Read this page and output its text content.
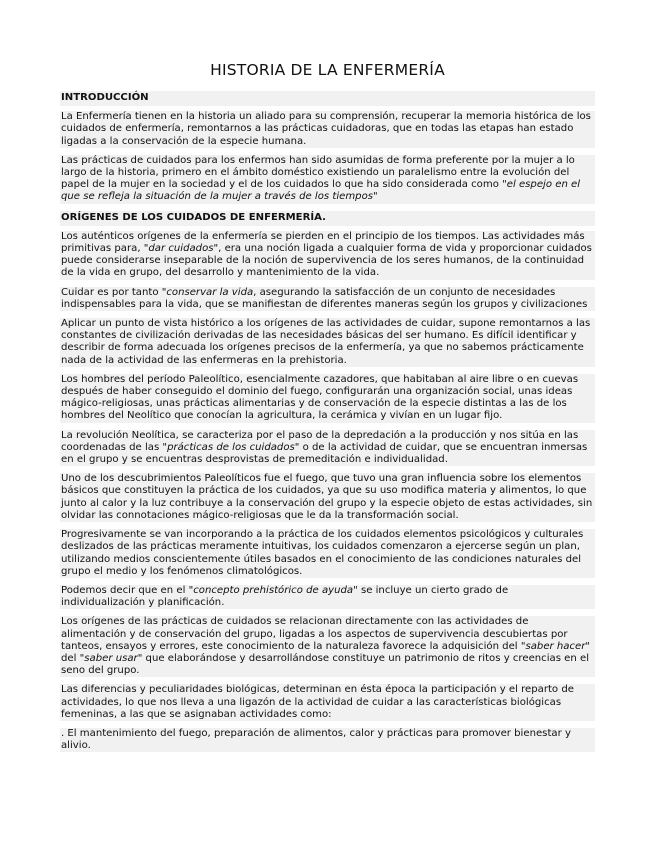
HISTORIA DE LA ENFERMERÍA
INTRODUCCIÓN

La Enfermería tienen en la historia un aliado para su comprensión, recuperar la memoria histórica de los cuidados de enfermería, remontarnos a las prácticas cuidadoras, que en todas las etapas han estado ligadas a la conservación de la especie humana.

Las prácticas de cuidados para los enfermos han sido asumidas de forma preferente por la mujer a lo largo de la historia, primero en el ámbito doméstico existiendo un paralelismo entre la evolución del papel de la mujer en la sociedad y el de los cuidados lo que ha sido considerada como "el espejo en el que se refleja la situación de la mujer a través de los tiempos"

ORÍGENES DE LOS CUIDADOS DE ENFERMERÍA.

Los auténticos orígenes de la enfermería se pierden en el principio de los tiempos. Las actividades más primitivas para, "dar cuidados", era una noción ligada a cualquier forma de vida y proporcionar cuidados puede considerarse inseparable de la noción de supervivencia de los seres humanos, de la continuidad de la vida en grupo, del desarrollo y mantenimiento de la vida.

Cuidar es por tanto "conservar la vida, asegurando la satisfacción de un conjunto de necesidades indispensables para la vida, que se manifiestan de diferentes maneras según los grupos y civilizaciones

Aplicar un punto de vista histórico a los orígenes de las actividades de cuidar, supone remontarnos a las constantes de civilización derivadas de las necesidades básicas del ser humano. Es difícil identificar y describir de forma adecuada los orígenes precisos de la enfermería, ya que no sabemos prácticamente nada de la actividad de las enfermeras en la prehistoria.

Los hombres del período Paleolítico, esencialmente cazadores, que habitaban al aire libre o en cuevas después de haber conseguido el dominio del fuego, configurarán una organización social, unas ideas mágico-religiosas, unas prácticas alimentarias y de conservación de la especie distintas a las de los hombres del Neolítico que conocían la agricultura, la cerámica y vivían en un lugar fijo.

La revolución Neolítica, se caracteriza por el paso de la depredación a la producción y nos sitúa en las coordenadas de las "prácticas de los cuidados" o de la actividad de cuidar, que se encuentran inmersas en el grupo y se encuentras desprovistas de premeditación e individualidad.

Uno de los descubrimientos Paleolíticos fue el fuego, que tuvo una gran influencia sobre los elementos básicos que constituyen la práctica de los cuidados, ya que su uso modifica materia y alimentos, lo que junto al calor y la luz contribuye a la conservación del grupo y la especie objeto de estas actividades, sin olvidar las connotaciones mágico-religiosas que le da la transformación social.

Progresivamente se van incorporando a la práctica de los cuidados elementos psicológicos y culturales deslizados de las prácticas meramente intuitivas, los cuidados comenzaron a ejercerse según un plan, utilizando medios conscientemente útiles basados en el conocimiento de las condiciones naturales del grupo el medio y los fenómenos climatológicos.

Podemos decir que en el "concepto prehistórico de ayuda" se incluye un cierto grado de individualización y planificación.

Los orígenes de las prácticas de cuidados se relacionan directamente con las actividades de alimentación y de conservación del grupo, ligadas a los aspectos de supervivencia descubiertas por tanteos, ensayos y errores, este conocimiento de la naturaleza favorece la adquisición del "saber hacer" del "saber usar" que elaborándose y desarrollándose constituye un patrimonio de ritos y creencias en el seno del grupo.

Las diferencias y peculiaridades biológicas, determinan en ésta época la participación y el reparto de actividades, lo que nos lleva a una ligazón de la actividad de cuidar a las características biológicas femeninas, a las que se asignaban actividades como:

. El mantenimiento del fuego, preparación de alimentos, calor y prácticas para promover bienestar y alivio.
